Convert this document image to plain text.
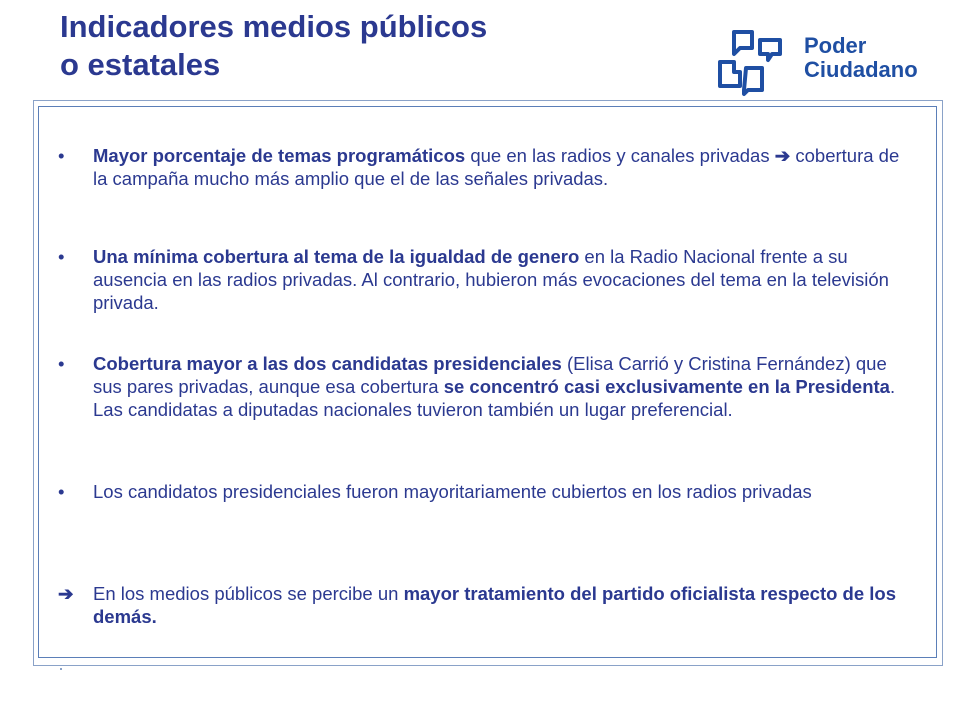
Indicadores medios públicos
o estatales
Poder
Ciudadano

• Mayor porcentaje de temas programáticos que en las radios y canales privadas ➔ cobertura de la campaña mucho más amplio que el de las señales privadas.

• Una mínima cobertura al tema de la igualdad de genero en la Radio Nacional frente a su ausencia en las radios privadas. Al contrario, hubieron más evocaciones del tema en la televisión privada.

• Cobertura mayor a las dos candidatas presidenciales (Elisa Carrió y Cristina Fernández) que sus pares privadas, aunque esa cobertura se concentró casi exclusivamente en la Presidenta. Las candidatas a diputadas nacionales tuvieron también un lugar preferencial.

• Los candidatos presidenciales fueron mayoritariamente cubiertos en los radios privadas

➔ En los medios públicos se percibe un mayor tratamiento del partido oficialista respecto de los demás.
